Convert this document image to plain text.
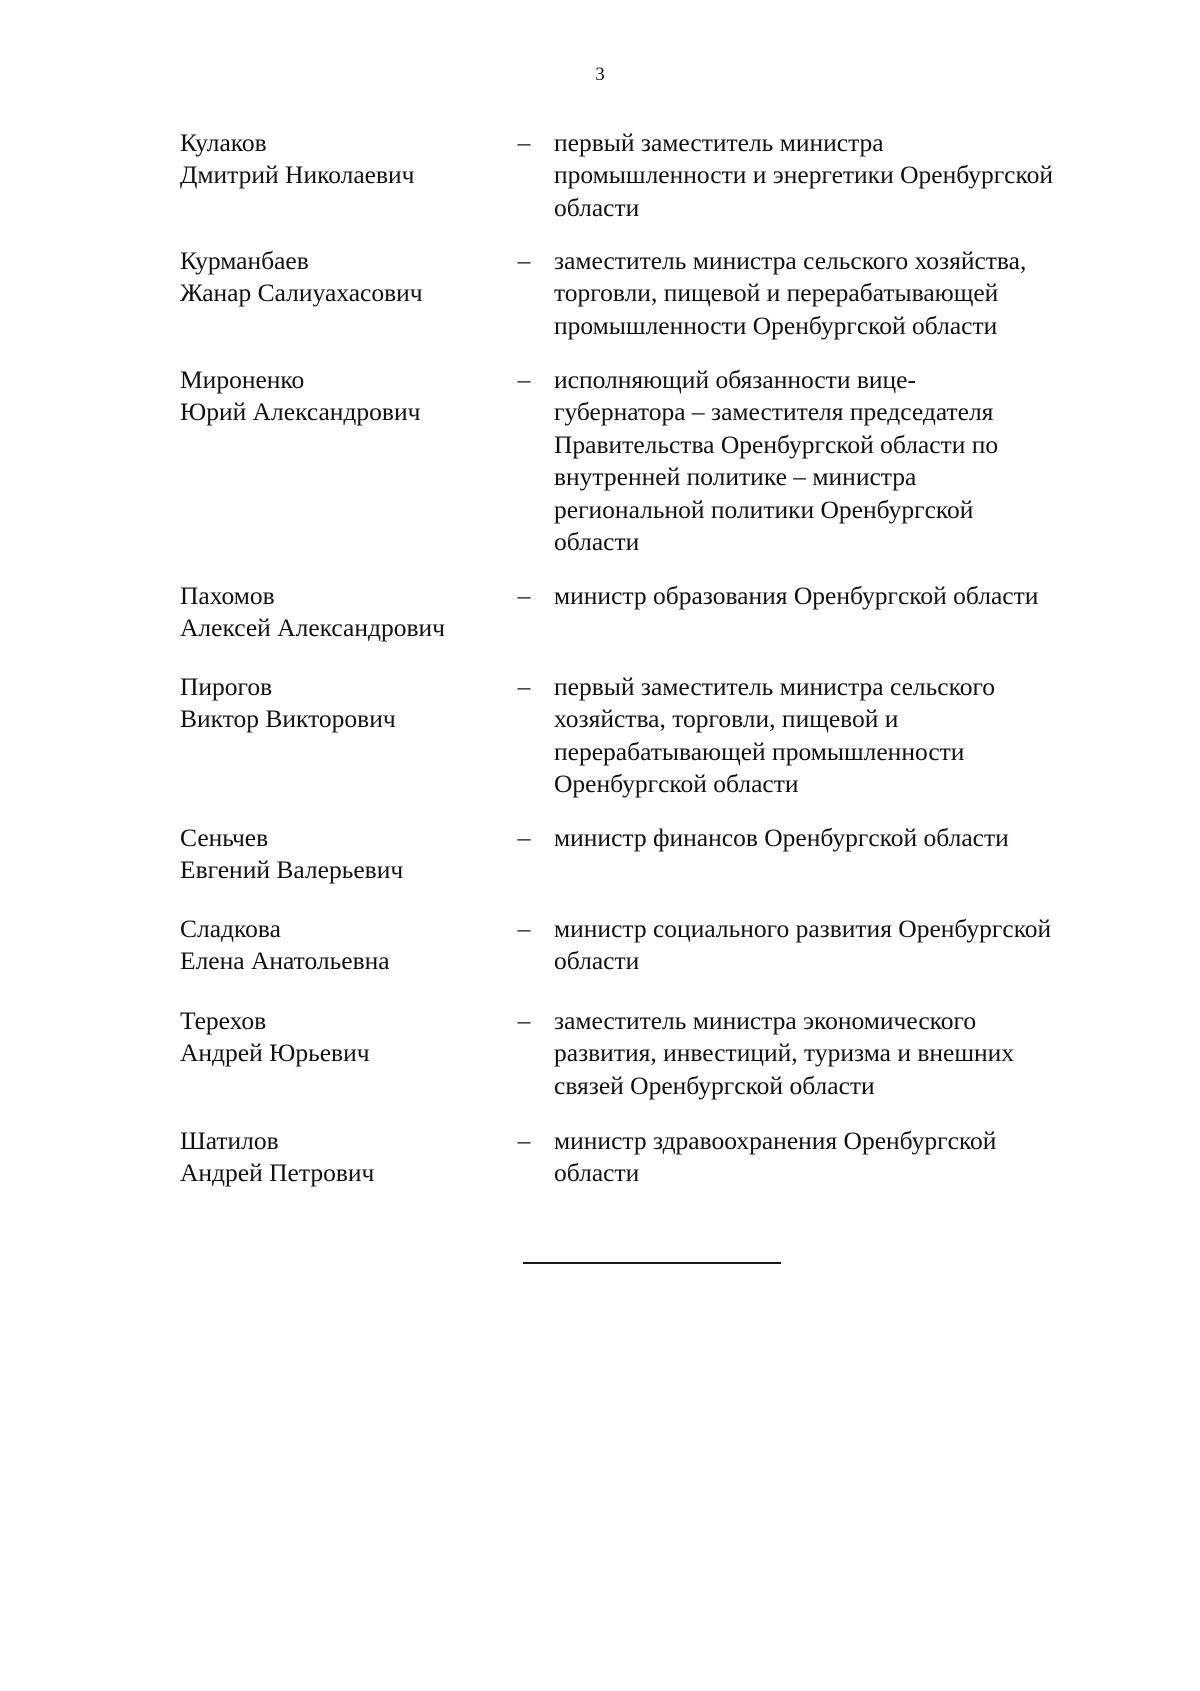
3
Кулаков
Дмитрий Николаевич
– первый заместитель министра
промышленности и энергетики Оренбургской
области
Курманбаев
Жанар Салиуахасович
– заместитель министра сельского хозяйства,
торговли, пищевой и перерабатывающей
промышленности Оренбургской области
Мироненко
Юрий Александрович
– исполняющий обязанности вице-
губернатора – заместителя председателя
Правительства Оренбургской области по
внутренней политике – министра
региональной политики Оренбургской
области
Пахомов
Алексей Александрович
– министр образования Оренбургской области
Пирогов
Виктор Викторович
– первый заместитель министра сельского
хозяйства, торговли, пищевой и
перерабатывающей промышленности
Оренбургской области
Сеньчев
Евгений Валерьевич
– министр финансов Оренбургской области
Сладкова
Елена Анатольевна
– министр социального развития Оренбургской
области
Терехов
Андрей Юрьевич
– заместитель министра экономического
развития, инвестиций, туризма и внешних
связей Оренбургской области
Шатилов
Андрей Петрович
– министр здравоохранения Оренбургской
области
